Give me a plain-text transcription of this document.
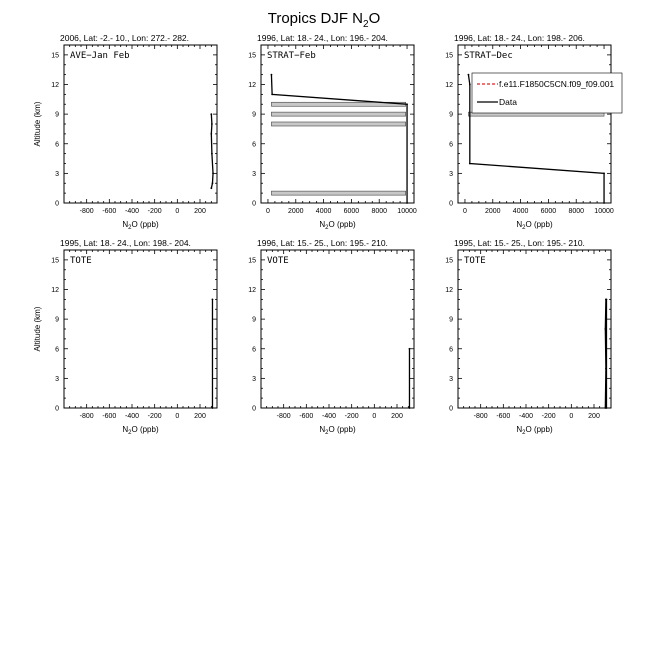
Tropics DJF $N_2O$
2006, Lat: -2.- 10., Lon: 272.- 282.
-800 -600 -400 -200 0 200
0
3
6
9
12
15
$N_2O$ (ppb)
Altitude (km)
AVE−Jan Feb
1996, Lat: 18.- 24., Lon: 196.- 204.
0	2000 4000 6000 8000 10000
0
3
6
9
12
15
$N_2O$ (ppb)
STRAT−Feb
1996, Lat: 18.- 24., Lon: 198.- 206.
0	2000 4000 6000 8000 10000
0
3
6
9
12
15
$N_2O$ (ppb)
STRAT−Dec
f.e11.F1850C5CN.f09_f09.001
Data
1995, Lat: 18.- 24., Lon: 198.- 204.
-800 -600 -400 -200 0 200
0
3
6
9
12
15
$N_2O$ (ppb)
Altitude (km)
TOTE
1996, Lat: 15.- 25., Lon: 195.- 210.
-800 -600 -400 -200 0 200
0
3
6
9
12
15
$N_2O$ (ppb)
VOTE
1995, Lat: 15.- 25., Lon: 195.- 210.
-800 -600 -400 -200 0 200
0
3
6
9
12
15
$N_2O$ (ppb)
TOTE
